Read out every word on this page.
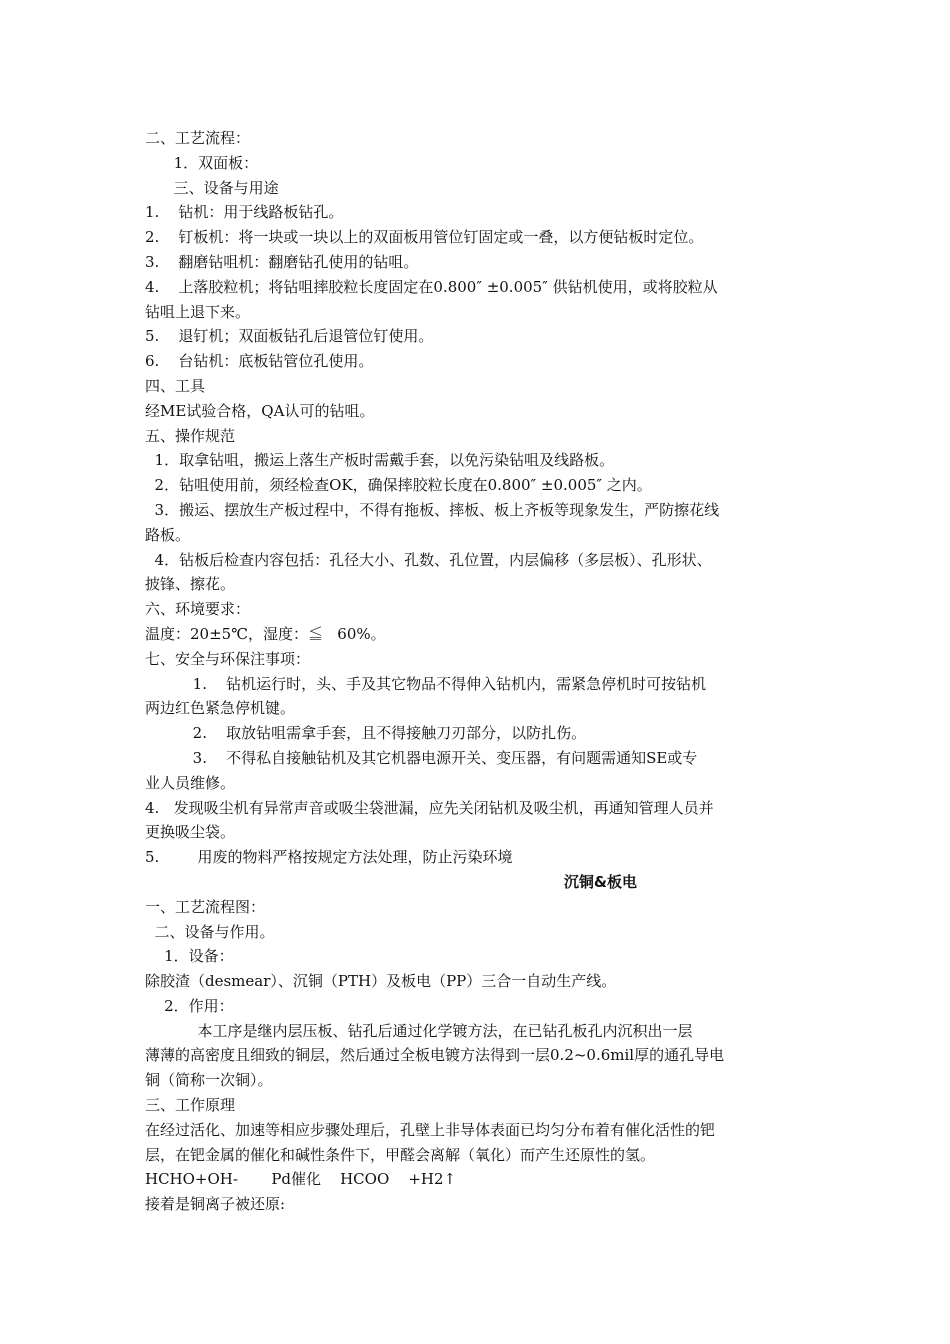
二、工艺流程：
1．双面板：
三、设备与用途
1.    钻机：用于线路板钻孔。
2.    钉板机：将一块或一块以上的双面板用管位钉固定或一叠，以方便钻板时定位。
3.    翻磨钻咀机：翻磨钻孔使用的钻咀。
4.    上落胶粒机；将钻咀摔胶粒长度固定在0.800″ ±0.005″ 供钻机使用，或将胶粒从
钻咀上退下来。
5.    退钉机；双面板钻孔后退管位钉使用。
6.    台钻机：底板钻管位孔使用。
四、工具
经ME试验合格，QA认可的钻咀。
五、操作规范
1．取拿钻咀，搬运上落生产板时需戴手套，以免污染钻咀及线路板。
2．钻咀使用前，须经检查OK，确保摔胶粒长度在0.800″ ±0.005″ 之内。
3．搬运、摆放生产板过程中，不得有拖板、摔板、板上齐板等现象发生，严防擦花线
路板。
4．钻板后检查内容包括：孔径大小、孔数、孔位置，内层偏移（多层板）、孔形状、
披锋、擦花。
六、环境要求：
温度：20±5℃，湿度：≦   60%。
七、安全与环保注事项：
1.    钻机运行时，头、手及其它物品不得伸入钻机内，需紧急停机时可按钻机
两边红色紧急停机键。
2.    取放钻咀需拿手套，且不得接触刀刃部分，以防扎伤。
3.    不得私自接触钻机及其它机器电源开关、变压器，有问题需通知SE或专
业人员维修。
4.   发现吸尘机有异常声音或吸尘袋泄漏，应先关闭钻机及吸尘机，再通知管理人员并
更换吸尘袋。
5.        用废的物料严格按规定方法处理，防止污染环境
沉铜&板电
一、工艺流程图：
二、设备与作用。
1．设备：
除胶渣（desmear）、沉铜（PTH）及板电（PP）三合一自动生产线。
2．作用：
本工序是继内层压板、钻孔后通过化学镀方法，在已钻孔板孔内沉积出一层
薄薄的高密度且细致的铜层，然后通过全板电镀方法得到一层0.2~0.6mil厚的通孔导电
铜（简称一次铜）。
三、工作原理
在经过活化、加速等相应步骤处理后，孔壁上非导体表面已均匀分布着有催化活性的钯
层，在钯金属的催化和碱性条件下，甲醛会离解（氧化）而产生还原性的氢。
HCHO+OH-       Pd催化    HCOO    +H2↑
接着是铜离子被还原:
